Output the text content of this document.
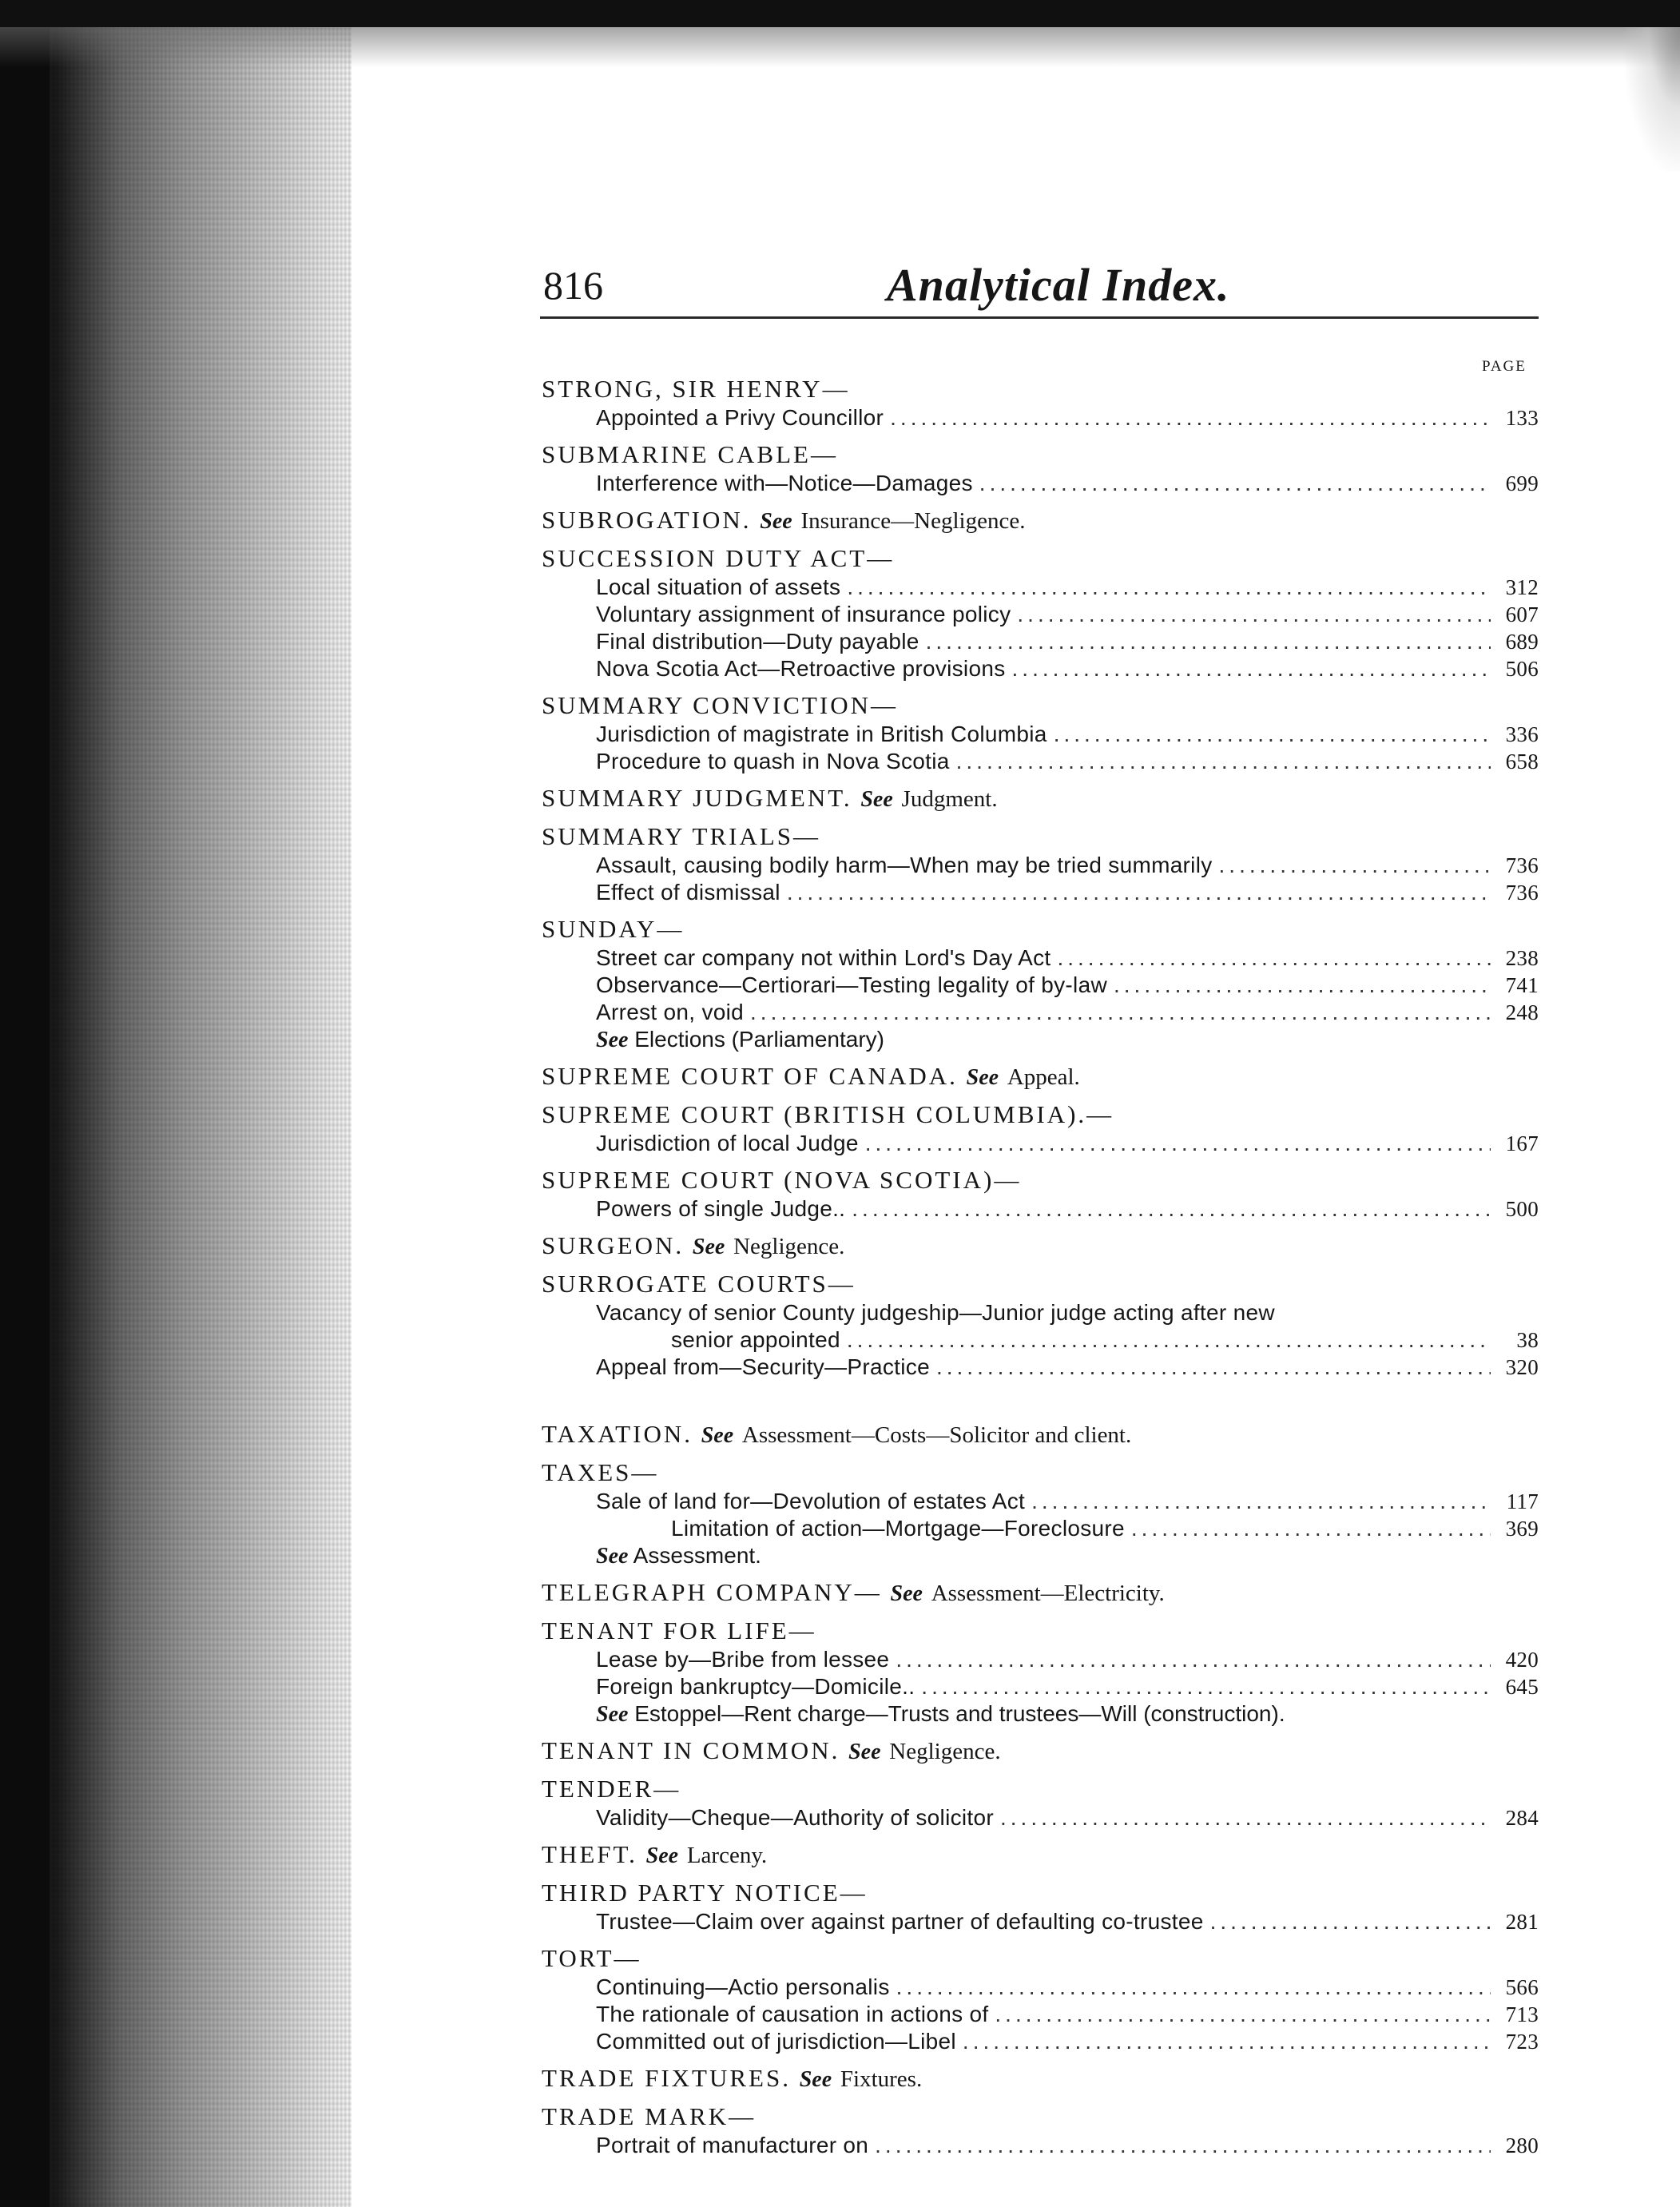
816	Analytical Index.
PAGE
STRONG, SIR HENRY—
Appointed a Privy Councillor .....	133
SUBMARINE CABLE—
Interference with—Notice—Damages .....	699
SUBROGATION. See Insurance—Negligence.
SUCCESSION DUTY ACT—
Local situation of assets .....	312
Voluntary assignment of insurance policy .....	607
Final distribution—Duty payable .....	689
Nova Scotia Act—Retroactive provisions .....	506
SUMMARY CONVICTION—
Jurisdiction of magistrate in British Columbia .....	336
Procedure to quash in Nova Scotia .....	658
SUMMARY JUDGMENT. See Judgment.
SUMMARY TRIALS—
Assault, causing bodily harm—When may be tried summarily .....	736
Effect of dismissal .....	736
SUNDAY—
Street car company not within Lord's Day Act .....	238
Observance—Certiorari—Testing legality of by-law .....	741
Arrest on, void .....	248
See Elections (Parliamentary)
SUPREME COURT OF CANADA. See Appeal.
SUPREME COURT (BRITISH COLUMBIA).—
Jurisdiction of local Judge .....	167
SUPREME COURT (NOVA SCOTIA)—
Powers of single Judge.. .....	500
SURGEON. See Negligence.
SURROGATE COURTS—
Vacancy of senior County judgeship—Junior judge acting after new
senior appointed .....	38
Appeal from—Security—Practice .....	320
TAXATION. See Assessment—Costs—Solicitor and client.
TAXES—
Sale of land for—Devolution of estates Act .....	117
Limitation of action—Mortgage—Foreclosure .....	369
See Assessment.
TELEGRAPH COMPANY— See Assessment—Electricity.
TENANT FOR LIFE—
Lease by—Bribe from lessee .....	420
Foreign bankruptcy—Domicile.. .....	645
See Estoppel—Rent charge—Trusts and trustees—Will (construction).
TENANT IN COMMON. See Negligence.
TENDER—
Validity—Cheque—Authority of solicitor .....	284
THEFT. See Larceny.
THIRD PARTY NOTICE—
Trustee—Claim over against partner of defaulting co-trustee .....	281
TORT—
Continuing—Actio personalis .....	566
The rationale of causation in actions of .....	713
Committed out of jurisdiction—Libel .....	723
TRADE FIXTURES. See Fixtures.
TRADE MARK—
Portrait of manufacturer on .....	280
